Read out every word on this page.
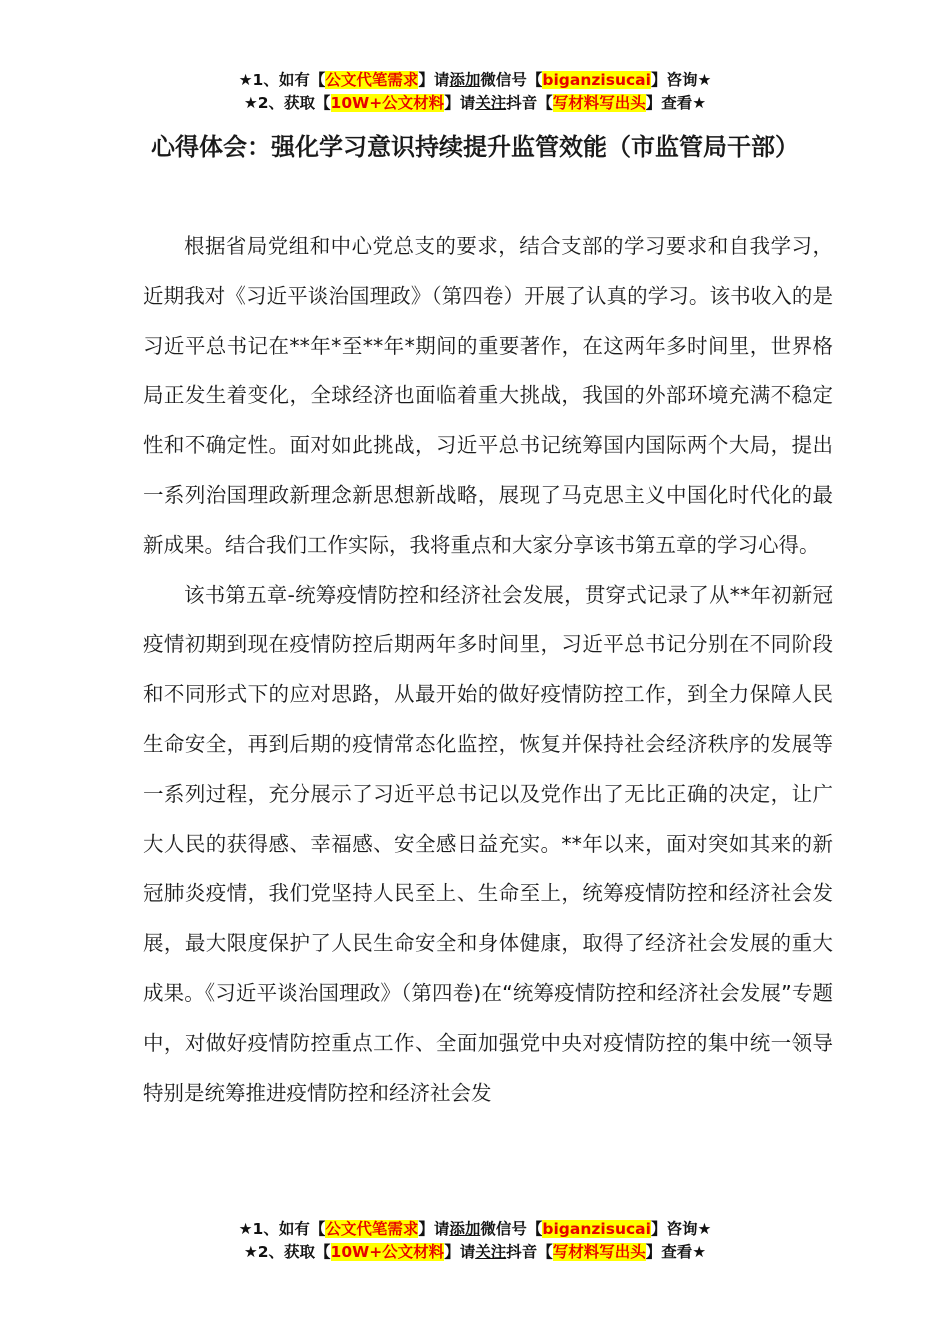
★1、如有【公文代笔需求】请添加微信号【biganzisucai】咨询★
★2、获取【10W+公文材料】请关注抖音【写材料写出头】查看★
心得体会：强化学习意识持续提升监管效能（市监管局干部）

根据省局党组和中心党总支的要求，结合支部的学习要求和自我学习，近期我对《习近平谈治国理政》（第四卷）开展了认真的学习。该书收入的是习近平总书记在**年*至**年*期间的重要著作，在这两年多时间里，世界格局正发生着变化，全球经济也面临着重大挑战，我国的外部环境充满不稳定性和不确定性。面对如此挑战，习近平总书记统筹国内国际两个大局，提出一系列治国理政新理念新思想新战略，展现了马克思主义中国化时代化的最新成果。结合我们工作实际，我将重点和大家分享该书第五章的学习心得。

该书第五章-统筹疫情防控和经济社会发展，贯穿式记录了从**年初新冠疫情初期到现在疫情防控后期两年多时间里，习近平总书记分别在不同阶段和不同形式下的应对思路，从最开始的做好疫情防控工作，到全力保障人民生命安全，再到后期的疫情常态化监控，恢复并保持社会经济秩序的发展等一系列过程，充分展示了习近平总书记以及党作出了无比正确的决定，让广大人民的获得感、幸福感、安全感日益充实。**年以来，面对突如其来的新冠肺炎疫情，我们党坚持人民至上、生命至上，统筹疫情防控和经济社会发展，最大限度保护了人民生命安全和身体健康，取得了经济社会发展的重大成果。《习近平谈治国理政》（第四卷)在“统筹疫情防控和经济社会发展”专题中，对做好疫情防控重点工作、全面加强党中央对疫情防控的集中统一领导特别是统筹推进疫情防控和经济社会发

★1、如有【公文代笔需求】请添加微信号【biganzisucai】咨询★
★2、获取【10W+公文材料】请关注抖音【写材料写出头】查看★
